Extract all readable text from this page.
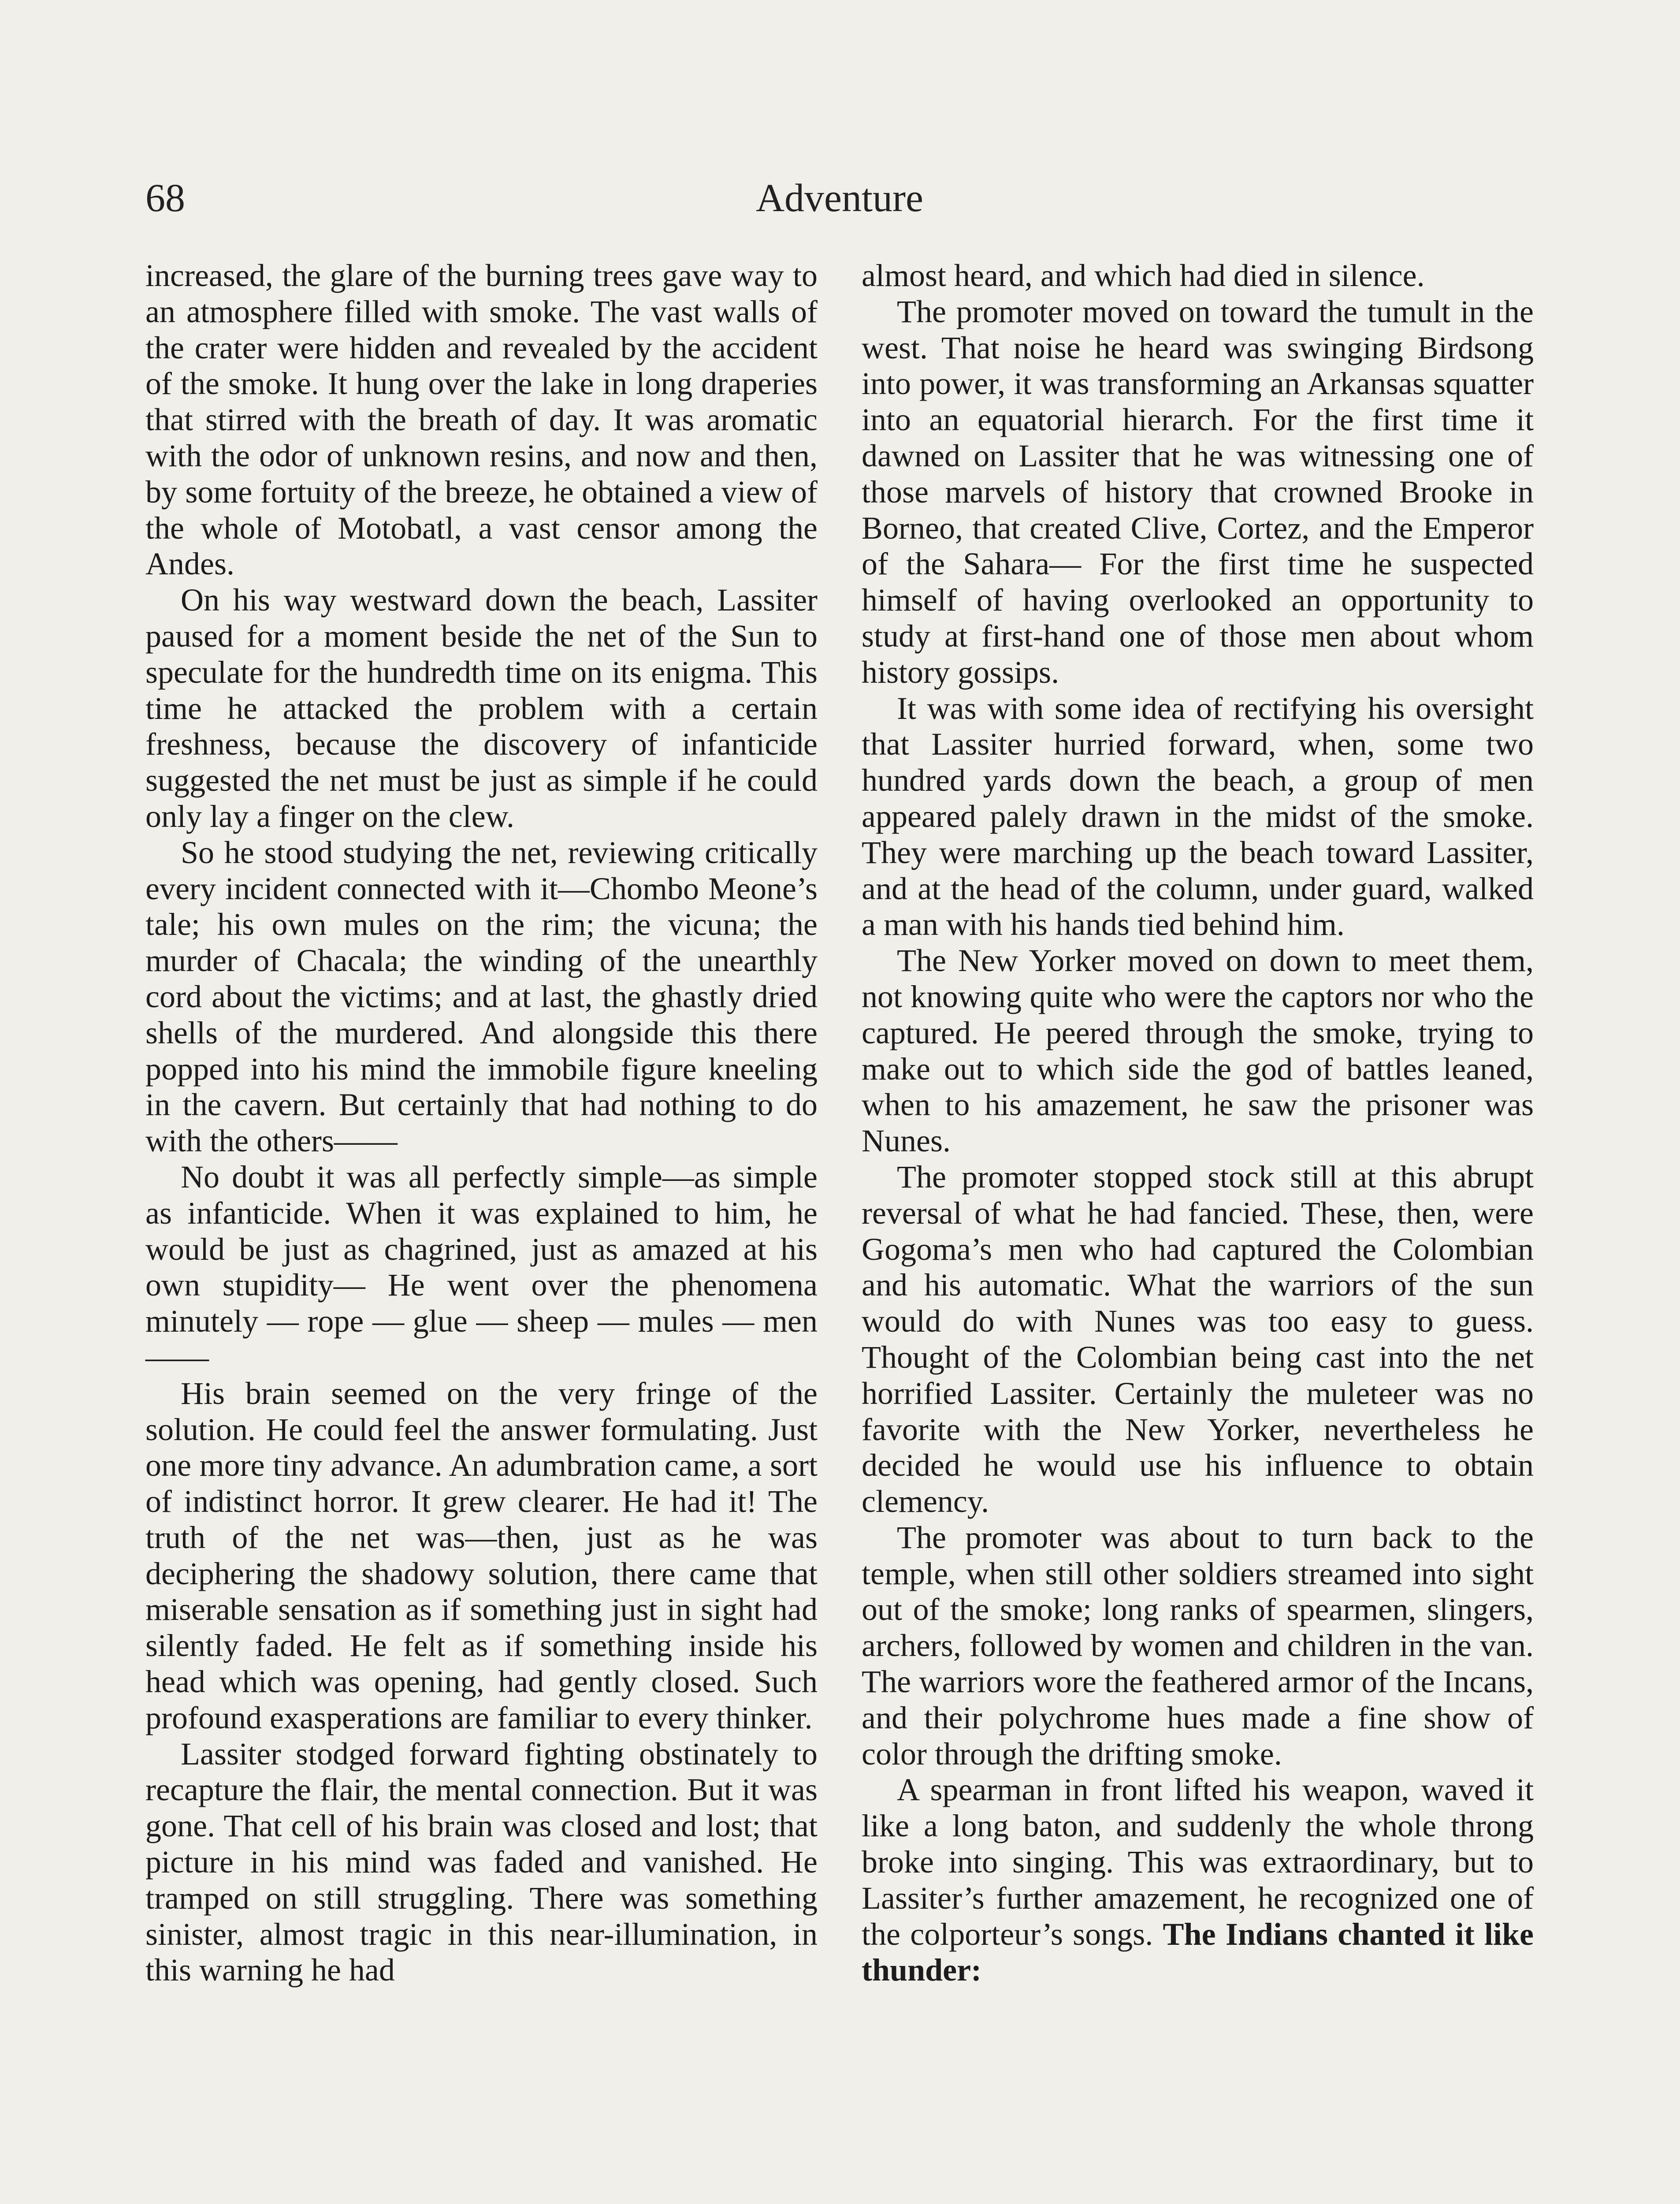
68	Adventure

increased, the glare of the burning trees gave way to an atmosphere filled with smoke. The vast walls of the crater were hidden and revealed by the accident of the smoke. It hung over the lake in long draperies that stirred with the breath of day. It was aromatic with the odor of unknown resins, and now and then, by some fortuity of the breeze, he obtained a view of the whole of Motobatl, a vast censor among the Andes.

On his way westward down the beach, Lassiter paused for a moment beside the net of the Sun to speculate for the hundredth time on its enigma. This time he attacked the problem with a certain freshness, because the discovery of infanticide suggested the net must be just as simple if he could only lay a finger on the clew.

So he stood studying the net, reviewing critically every incident connected with it—Chombo Meone’s tale; his own mules on the rim; the vicuna; the murder of Chacala; the winding of the unearthly cord about the victims; and at last, the ghastly dried shells of the murdered. And alongside this there popped into his mind the immobile figure kneeling in the cavern. But certainly that had nothing to do with the others——

No doubt it was all perfectly simple—as simple as infanticide. When it was explained to him, he would be just as chagrined, just as amazed at his own stupidity— He went over the phenomena minutely — rope — glue — sheep — mules — men——

His brain seemed on the very fringe of the solution. He could feel the answer formulating. Just one more tiny advance. An adumbration came, a sort of indistinct horror. It grew clearer. He had it! The truth of the net was—then, just as he was deciphering the shadowy solution, there came that miserable sensation as if something just in sight had silently faded. He felt as if something inside his head which was opening, had gently closed. Such profound exasperations are familiar to every thinker.

Lassiter stodged forward fighting obstinately to recapture the flair, the mental connection. But it was gone. That cell of his brain was closed and lost; that picture in his mind was faded and vanished. He tramped on still struggling. There was something sinister, almost tragic in this near-illumination, in this warning he had

almost heard, and which had died in silence.

The promoter moved on toward the tumult in the west. That noise he heard was swinging Birdsong into power, it was transforming an Arkansas squatter into an equatorial hierarch. For the first time it dawned on Lassiter that he was witnessing one of those marvels of history that crowned Brooke in Borneo, that created Clive, Cortez, and the Emperor of the Sahara— For the first time he suspected himself of having overlooked an opportunity to study at first-hand one of those men about whom history gossips.

It was with some idea of rectifying his oversight that Lassiter hurried forward, when, some two hundred yards down the beach, a group of men appeared palely drawn in the midst of the smoke. They were marching up the beach toward Lassiter, and at the head of the column, under guard, walked a man with his hands tied behind him.

The New Yorker moved on down to meet them, not knowing quite who were the captors nor who the captured. He peered through the smoke, trying to make out to which side the god of battles leaned, when to his amazement, he saw the prisoner was Nunes.

The promoter stopped stock still at this abrupt reversal of what he had fancied. These, then, were Gogoma’s men who had captured the Colombian and his automatic. What the warriors of the sun would do with Nunes was too easy to guess. Thought of the Colombian being cast into the net horrified Lassiter. Certainly the muleteer was no favorite with the New Yorker, nevertheless he decided he would use his influence to obtain clemency.

The promoter was about to turn back to the temple, when still other soldiers streamed into sight out of the smoke; long ranks of spearmen, slingers, archers, followed by women and children in the van. The warriors wore the feathered armor of the Incans, and their polychrome hues made a fine show of color through the drifting smoke.

A spearman in front lifted his weapon, waved it like a long baton, and suddenly the whole throng broke into singing. This was extraordinary, but to Lassiter’s further amazement, he recognized one of the colporteur’s songs. The Indians chanted it like thunder:
